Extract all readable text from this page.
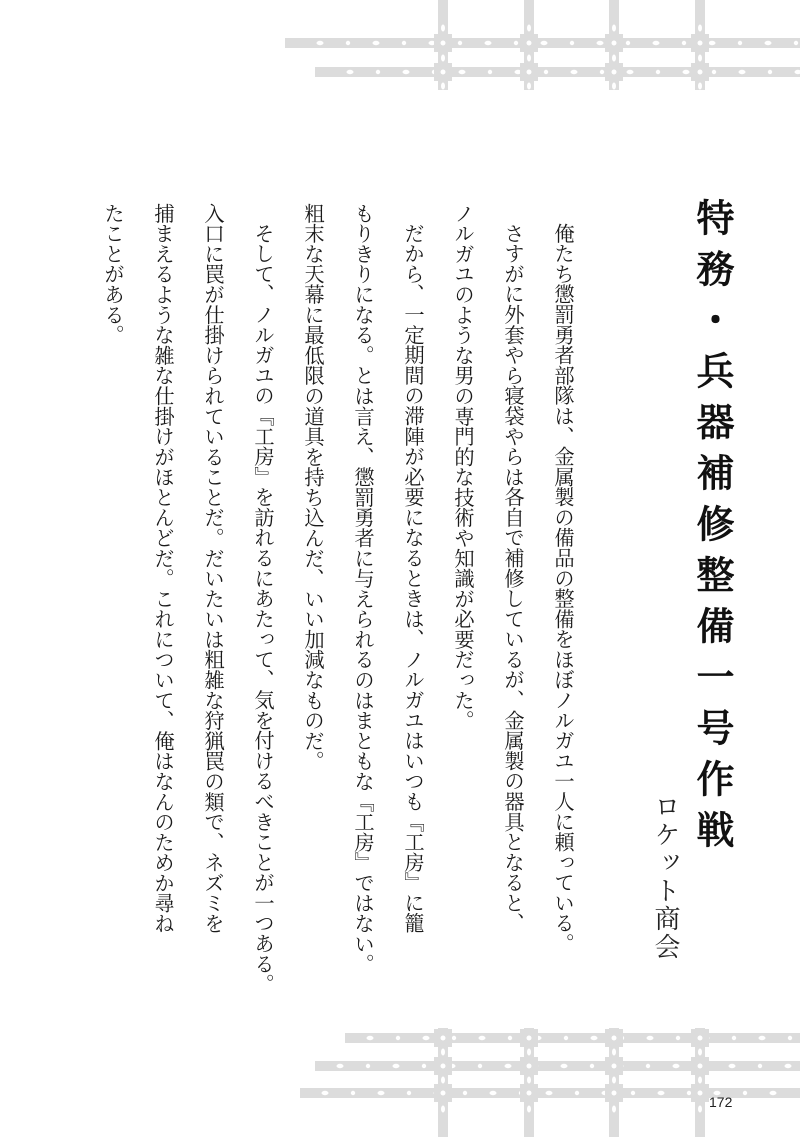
特務・兵器補修整備一号作戦
ロケット商会
俺たち懲罰勇者部隊は、金属製の備品の整備をほぼノルガユ一人に頼っている。
さすがに外套やら寝袋やらは各自で補修しているが、金属製の器具となると、
ノルガユのような男の専門的な技術や知識が必要だった。
だから、一定期間の滞陣が必要になるときは、ノルガユはいつも『工房』に籠
もりきりになる。とは言え、懲罰勇者に与えられるのはまともな『工房』ではない。
粗末な天幕に最低限の道具を持ち込んだ、いい加減なものだ。
そして、ノルガユの『工房』を訪れるにあたって、気を付けるべきことが一つある。
入口に罠が仕掛けられていることだ。だいたいは粗雑な狩猟罠の類で、ネズミを
捕まえるような雑な仕掛けがほとんどだ。これについて、俺はなんのためか尋ね
たことがある。
172
